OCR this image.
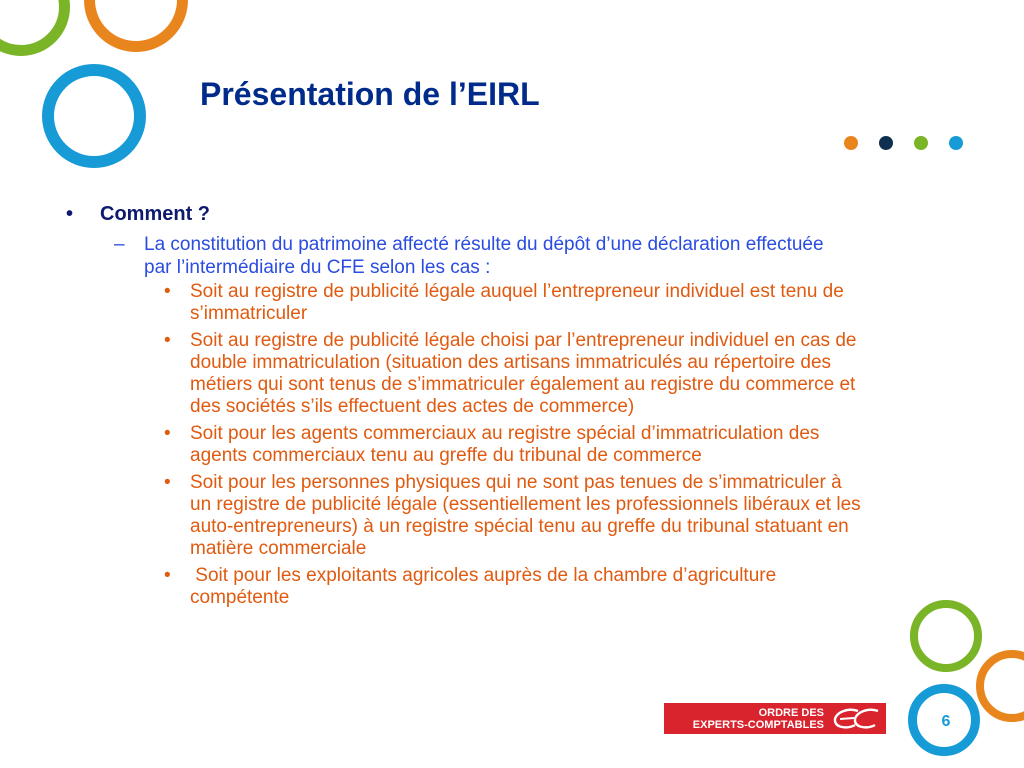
Présentation de l’EIRL
• Comment ?
– La constitution du patrimoine affecté résulte du dépôt d’une déclaration effectuée par l’intermédiaire du CFE selon les cas :
• Soit au registre de publicité légale auquel l’entrepreneur individuel est tenu de s’immatriculer
• Soit au registre de publicité légale choisi par l’entrepreneur individuel en cas de double immatriculation (situation des artisans immatriculés au répertoire des métiers qui sont tenus de s’immatriculer également au registre du commerce et des sociétés s’ils effectuent des actes de commerce)
• Soit pour les agents commerciaux au registre spécial d’immatriculation des agents commerciaux tenu au greffe du tribunal de commerce
• Soit pour les personnes physiques qui ne sont pas tenues de s’immatriculer à un registre de publicité légale (essentiellement les professionnels libéraux et les auto-entrepreneurs) à un registre spécial tenu au greffe du tribunal statuant en matière commerciale
• Soit pour les exploitants agricoles auprès de la chambre d’agriculture compétente
ORDRE DES
EXPERTS-COMPTABLES	6
